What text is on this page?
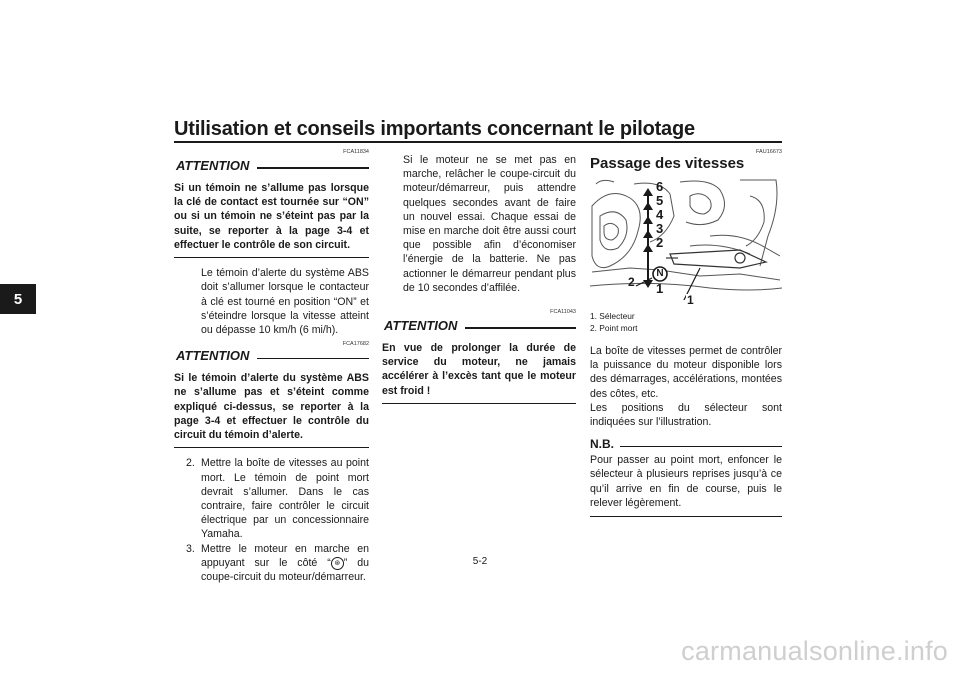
Utilisation et conseils importants concernant le pilotage
5
FCA11834
ATTENTION

Si un témoin ne s’allume pas lorsque la clé de contact est tournée sur “ON” ou si un témoin ne s’éteint pas par la suite, se reporter à la page 3-4 et effectuer le contrôle de son circuit.

Le témoin d’alerte du système ABS doit s’allumer lorsque le contacteur à clé est tourné en position “ON” et s’éteindre lorsque la vitesse atteint ou dépasse 10 km/h (6 mi/h).

FCA17682
ATTENTION

Si le témoin d’alerte du système ABS ne s’allume pas et s’éteint comme expliqué ci-dessus, se reporter à la page 3-4 et effectuer le contrôle du circuit du témoin d’alerte.

2. Mettre la boîte de vitesses au point mort. Le témoin de point mort devrait s’allumer. Dans le cas contraire, faire contrôler le circuit électrique par un concessionnaire Yamaha.
3. Mettre le moteur en marche en appuyant sur le côté “ ⊛ ” du coupe-circuit du moteur/démarreur.

Si le moteur ne se met pas en marche, relâcher le coupe-circuit du moteur/démarreur, puis attendre quelques secondes avant de faire un nouvel essai. Chaque essai de mise en marche doit être aussi court que possible afin d’économiser l’énergie de la batterie. Ne pas actionner le démarreur pendant plus de 10 secondes d’affilée.

FCA11043
ATTENTION

En vue de prolonger la durée de service du moteur, ne jamais accélérer à l’excès tant que le moteur est froid !

FAU16673
Passage des vitesses
6
5
4
3
2
N
1
2
1
1. Sélecteur
2. Point mort

La boîte de vitesses permet de contrôler la puissance du moteur disponible lors des démarrages, accélérations, montées des côtes, etc.

Les positions du sélecteur sont indiquées sur l’illustration.

N.B.

Pour passer au point mort, enfoncer le sélecteur à plusieurs reprises jusqu’à ce qu’il arrive en fin de course, puis le relever légèrement.

5-2
carmanualsonline.info
